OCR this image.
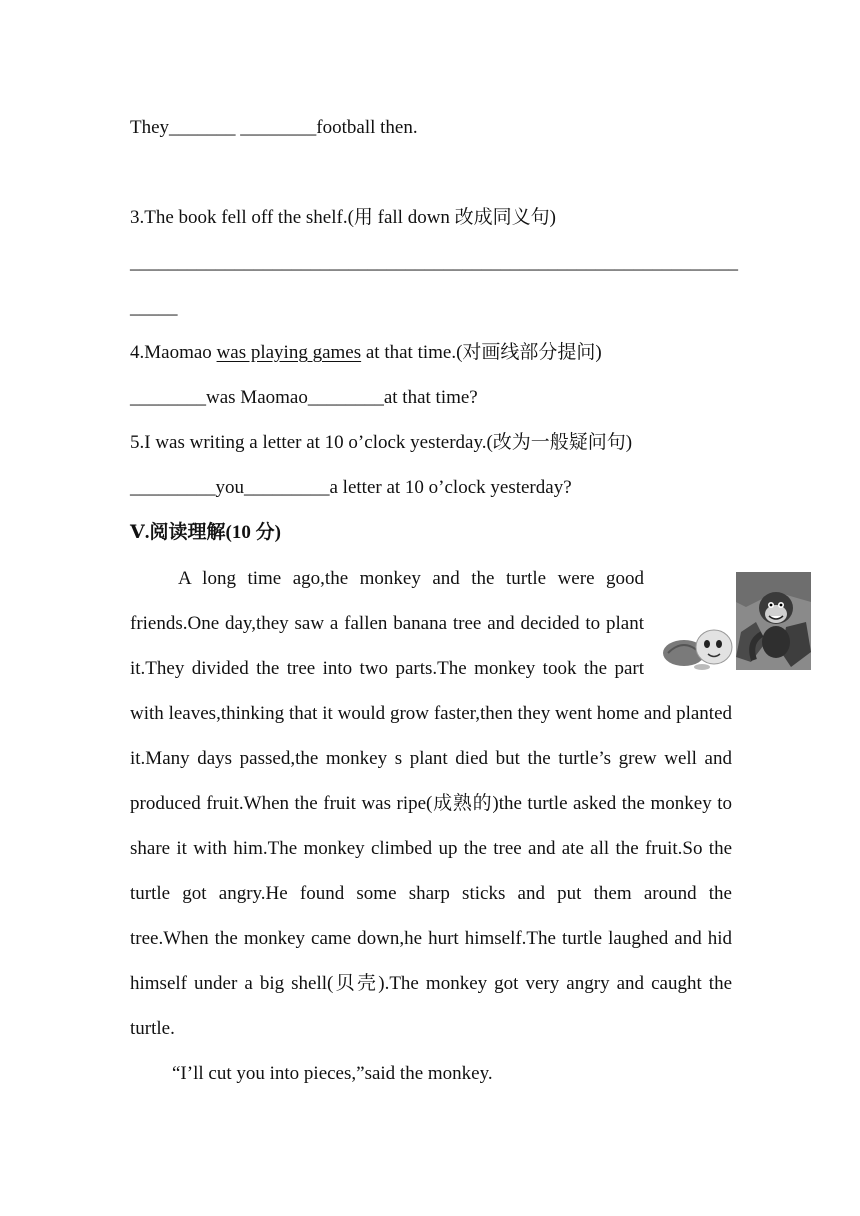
They_______ ________football then.
3.The book fell off the shelf.(用 fall down 改成同义句)
________________________________________________________________
_____
4.Maomao was playing games at that time.(对画线部分提问)
________was Maomao________at that time?
5.I was writing a letter at 10 o’clock yesterday.(改为一般疑问句)
_________you_________a letter at 10 o’clock yesterday?
Ⅴ.阅读理解(10 分)

A long time ago,the monkey and the turtle were good friends.One day,they saw a fallen banana tree and decided to plant it.They divided the tree into two parts.The monkey took the part with leaves,thinking that it would grow faster,then they went home and planted it.Many days passed,the monkey s plant died but the turtle’s grew well and produced fruit.When the fruit was ripe(成熟的)the turtle asked the monkey to share it with him.The monkey climbed up the tree and ate all the fruit.So the turtle got angry.He found some sharp sticks and put them around the tree.When the monkey came down,he hurt himself.The turtle laughed and hid himself under a big shell(贝壳).The monkey got very angry and caught the turtle.

“I’ll cut you into pieces,”said the monkey.
